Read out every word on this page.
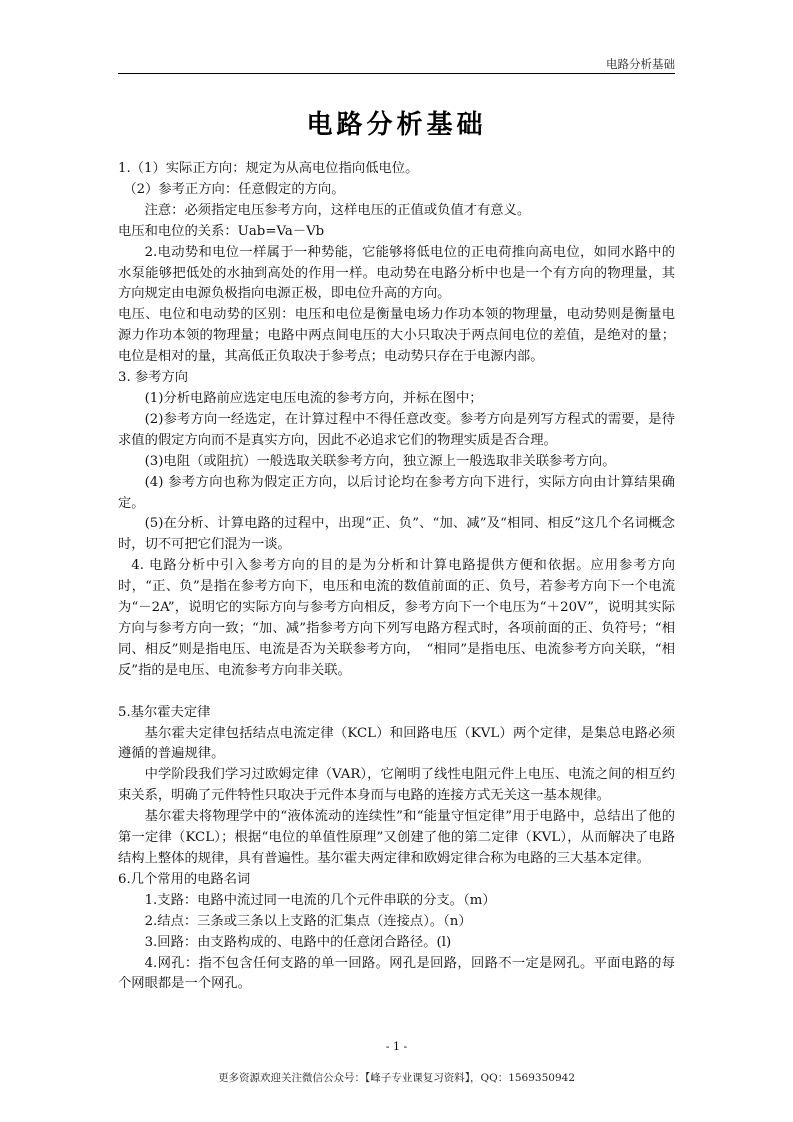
电路分析基础
电路分析基础

1.（1）实际正方向：规定为从高电位指向低电位。

（2）参考正方向：任意假定的方向。

注意：必须指定电压参考方向，这样电压的正值或负值才有意义。

电压和电位的关系：Uab=Va－Vb

2.电动势和电位一样属于一种势能，它能够将低电位的正电荷推向高电位，如同水路中的水泵能够把低处的水抽到高处的作用一样。电动势在电路分析中也是一个有方向的物理量，其方向规定由电源负极指向电源正极，即电位升高的方向。

电压、电位和电动势的区别：电压和电位是衡量电场力作功本领的物理量，电动势则是衡量电源力作功本领的物理量；电路中两点间电压的大小只取决于两点间电位的差值，是绝对的量；电位是相对的量，其高低正负取决于参考点；电动势只存在于电源内部。

3. 参考方向

(1)分析电路前应选定电压电流的参考方向，并标在图中；

(2)参考方向一经选定，在计算过程中不得任意改变。参考方向是列写方程式的需要，是待求值的假定方向而不是真实方向，因此不必追求它们的物理实质是否合理。

(3)电阻（或阻抗）一般选取关联参考方向，独立源上一般选取非关联参考方向。

(4) 参考方向也称为假定正方向，以后讨论均在参考方向下进行，实际方向由计算结果确定。

(5)在分析、计算电路的过程中，出现“正、负”、“加、减”及“相同、相反”这几个名词概念时，切不可把它们混为一谈。

4. 电路分析中引入参考方向的目的是为分析和计算电路提供方便和依据。应用参考方向时，“正、负”是指在参考方向下，电压和电流的数值前面的正、负号，若参考方向下一个电流为“－2A”，说明它的实际方向与参考方向相反，参考方向下一个电压为“＋20V”，说明其实际方向与参考方向一致；“加、减”指参考方向下列写电路方程式时，各项前面的正、负符号；“相同、相反”则是指电压、电流是否为关联参考方向，　“相同”是指电压、电流参考方向关联，“相反”指的是电压、电流参考方向非关联。

5.基尔霍夫定律

基尔霍夫定律包括结点电流定律（KCL）和回路电压（KVL）两个定律，是集总电路必须遵循的普遍规律。

中学阶段我们学习过欧姆定律（VAR），它阐明了线性电阻元件上电压、电流之间的相互约束关系，明确了元件特性只取决于元件本身而与电路的连接方式无关这一基本规律。

基尔霍夫将物理学中的“液体流动的连续性”和“能量守恒定律”用于电路中，总结出了他的第一定律（KCL）；根据“电位的单值性原理”又创建了他的第二定律（KVL），从而解决了电路结构上整体的规律，具有普遍性。基尔霍夫两定律和欧姆定律合称为电路的三大基本定律。

6.几个常用的电路名词

1.支路：电路中流过同一电流的几个元件串联的分支。（m）

2.结点：三条或三条以上支路的汇集点（连接点）。（n）

3.回路：由支路构成的、电路中的任意闭合路径。(l)

4.网孔：指不包含任何支路的单一回路。网孔是回路，回路不一定是网孔。平面电路的每个网眼都是一个网孔。

- 1 -
更多资源欢迎关注微信公众号：【峰子专业课复习资料】，QQ：1569350942
